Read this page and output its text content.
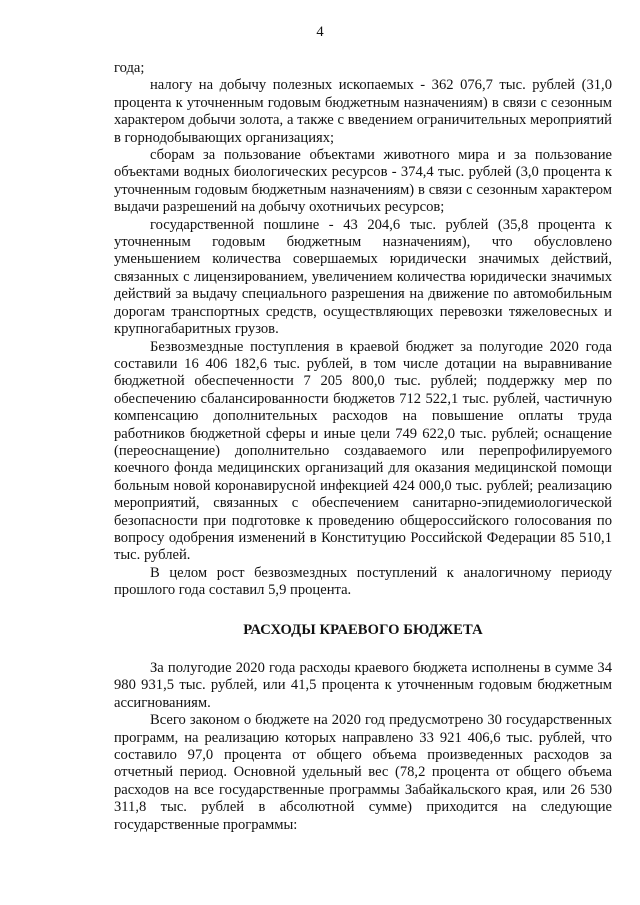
4

года;

налогу на добычу полезных ископаемых - 362 076,7 тыс. рублей (31,0 процента к уточненным годовым бюджетным назначениям) в связи с сезонным характером добычи золота, а также с введением ограничительных мероприятий в горнодобывающих организациях;

сборам за пользование объектами животного мира и за пользование объектами водных биологических ресурсов - 374,4 тыс. рублей (3,0 процента к уточненным годовым бюджетным назначениям) в связи с сезонным характером выдачи разрешений на добычу охотничьих ресурсов;

государственной пошлине - 43 204,6 тыс. рублей (35,8 процента к уточненным годовым бюджетным назначениям), что обусловлено уменьшением количества совершаемых юридически значимых действий, связанных с лицензированием, увеличением количества юридически значимых действий за выдачу специального разрешения на движение по автомобильным дорогам транспортных средств, осуществляющих перевозки тяжеловесных и крупногабаритных грузов.

Безвозмездные поступления в краевой бюджет за полугодие 2020 года составили 16 406 182,6 тыс. рублей, в том числе дотации на выравнивание бюджетной обеспеченности 7 205 800,0 тыс. рублей; поддержку мер по обеспечению сбалансированности бюджетов 712 522,1 тыс. рублей, частичную компенсацию дополнительных расходов на повышение оплаты труда работников бюджетной сферы и иные цели 749 622,0 тыс. рублей; оснащение (переоснащение) дополнительно создаваемого или перепрофилируемого коечного фонда медицинских организаций для оказания медицинской помощи больным новой коронавирусной инфекцией 424 000,0 тыс. рублей; реализацию мероприятий, связанных с обеспечением санитарно-эпидемиологической безопасности при подготовке к проведению общероссийского голосования по вопросу одобрения изменений в Конституцию Российской Федерации 85 510,1 тыс. рублей.

В целом рост безвозмездных поступлений к аналогичному периоду прошлого года составил 5,9 процента.

РАСХОДЫ КРАЕВОГО БЮДЖЕТА

За полугодие 2020 года расходы краевого бюджета исполнены в сумме 34 980 931,5 тыс. рублей, или 41,5 процента к уточненным годовым бюджетным ассигнованиям.

Всего законом о бюджете на 2020 год предусмотрено 30 государственных программ, на реализацию которых направлено 33 921 406,6 тыс. рублей, что составило 97,0 процента от общего объема произведенных расходов за отчетный период. Основной удельный вес (78,2 процента от общего объема расходов на все государственные программы Забайкальского края, или 26 530 311,8 тыс. рублей в абсолютной сумме) приходится на следующие государственные программы:
